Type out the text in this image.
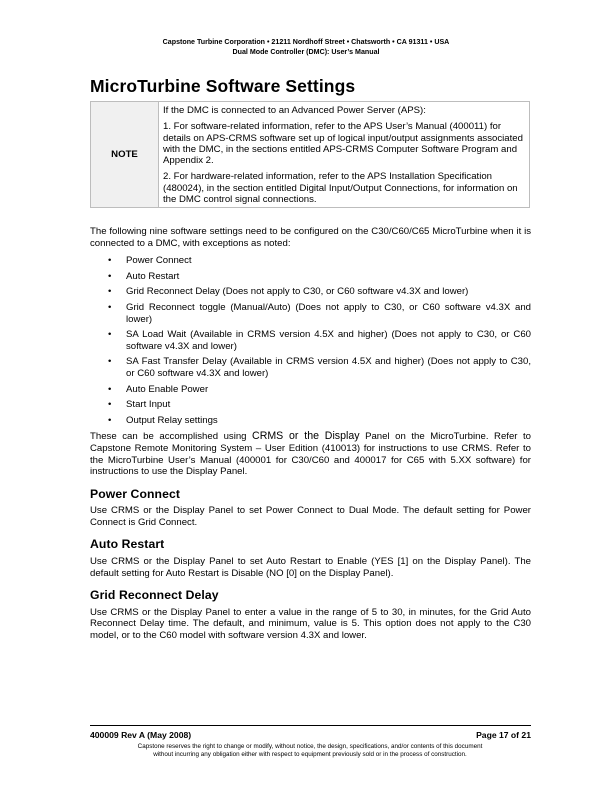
Capstone Turbine Corporation • 21211 Nordhoff Street • Chatsworth • CA 91311 • USA
Dual Mode Controller (DMC): User’s Manual
MicroTurbine Software Settings
NOTE	

If the DMC is connected to an Advanced Power Server (APS):

1. For software-related information, refer to the APS User’s Manual (400011) for details on APS-CRMS software set up of logical input/output assignments associated with the DMC, in the sections entitled APS-CRMS Computer Software Program and Appendix 2.

2. For hardware-related information, refer to the APS Installation Specification (480024), in the section entitled Digital Input/Output Connections, for information on the DMC control signal connections.

The following nine software settings need to be configured on the C30/C60/C65 MicroTurbine when it is connected to a DMC, with exceptions as noted:

• Power Connect
• Auto Restart
• Grid Reconnect Delay (Does not apply to C30, or C60 software v4.3X and lower)
• Grid Reconnect toggle (Manual/Auto) (Does not apply to C30, or C60 software v4.3X and lower)
• SA Load Wait (Available in CRMS version 4.5X and higher) (Does not apply to C30, or C60 software v4.3X and lower)
• SA Fast Transfer Delay (Available in CRMS version 4.5X and higher) (Does not apply to C30, or C60 software v4.3X and lower)
• Auto Enable Power
• Start Input
• Output Relay settings

These can be accomplished using CRMS or the Display Panel on the MicroTurbine. Refer to Capstone Remote Monitoring System – User Edition (410013) for instructions to use CRMS. Refer to the MicroTurbine User’s Manual (400001 for C30/C60 and 400017 for C65 with 5.XX software) for instructions to use the Display Panel.

Power Connect

Use CRMS or the Display Panel to set Power Connect to Dual Mode. The default setting for Power Connect is Grid Connect.

Auto Restart

Use CRMS or the Display Panel to set Auto Restart to Enable (YES [1] on the Display Panel). The default setting for Auto Restart is Disable (NO [0] on the Display Panel).

Grid Reconnect Delay

Use CRMS or the Display Panel to enter a value in the range of 5 to 30, in minutes, for the Grid Auto Reconnect Delay time. The default, and minimum, value is 5. This option does not apply to the C30 model, or to the C60 model with software version 4.3X and lower.

400009 Rev A (May 2008)	Page 17 of 21
Capstone reserves the right to change or modify, without notice, the design, specifications, and/or contents of this document
without incurring any obligation either with respect to equipment previously sold or in the process of construction.
